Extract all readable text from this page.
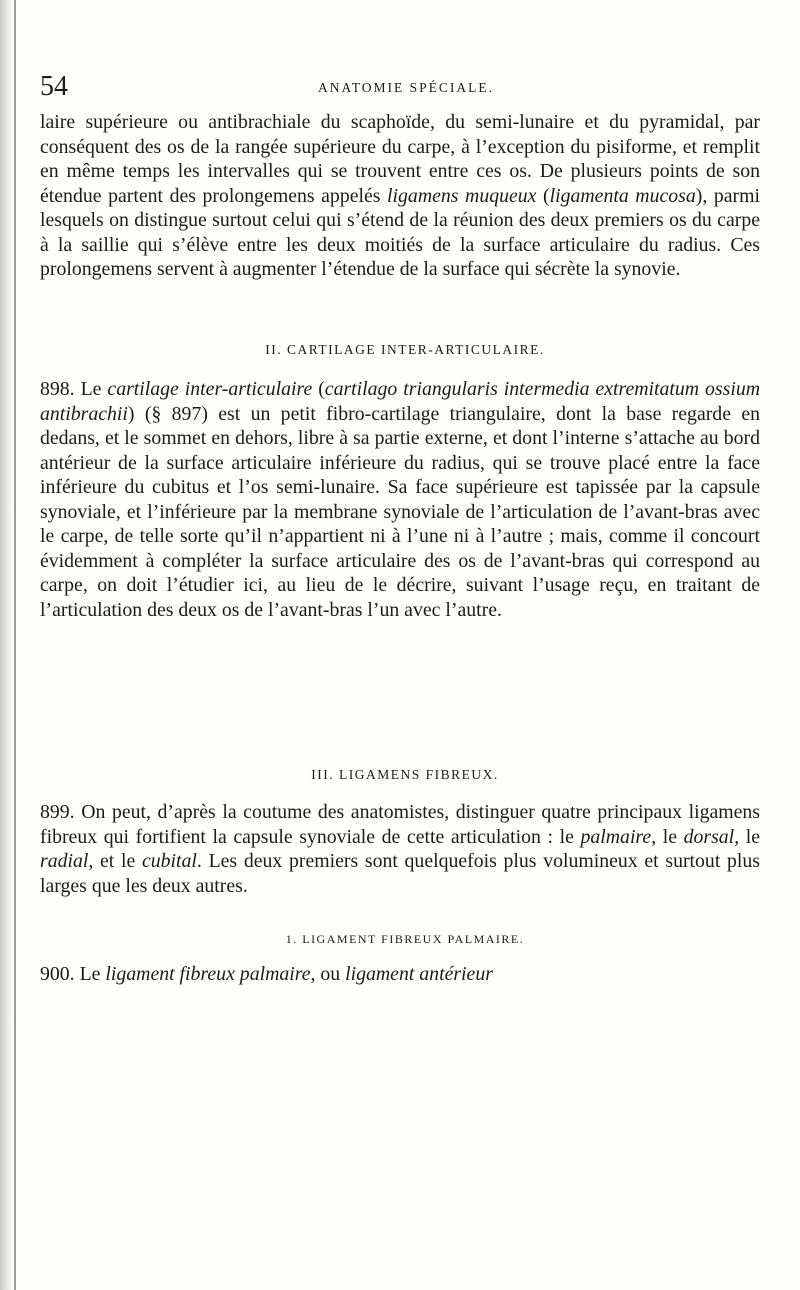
54	ANATOMIE SPÉCIALE.

laire supérieure ou antibrachiale du scaphoïde, du semi-lunaire et du pyramidal, par conséquent des os de la rangée supérieure du carpe, à l’exception du pisiforme, et remplit en même temps les intervalles qui se trouvent entre ces os. De plusieurs points de son étendue partent des prolongemens appelés ligamens muqueux (ligamenta mucosa), parmi lesquels on distingue surtout celui qui s’étend de la réunion des deux premiers os du carpe à la saillie qui s’élève entre les deux moitiés de la surface articulaire du radius. Ces prolongemens servent à augmenter l’étendue de la surface qui sécrète la synovie.

II. CARTILAGE INTER-ARTICULAIRE.

898. Le cartilage inter-articulaire (cartilago triangularis intermedia extremitatum ossium antibrachii) (§ 897) est un petit fibro-cartilage triangulaire, dont la base regarde en dedans, et le sommet en dehors, libre à sa partie externe, et dont l’interne s’attache au bord antérieur de la surface articulaire inférieure du radius, qui se trouve placé entre la face inférieure du cubitus et l’os semi-lunaire. Sa face supérieure est tapissée par la capsule synoviale, et l’inférieure par la membrane synoviale de l’articulation de l’avant-bras avec le carpe, de telle sorte qu’il n’appartient ni à l’une ni à l’autre ; mais, comme il concourt évidemment à compléter la surface articulaire des os de l’avant-bras qui correspond au carpe, on doit l’étudier ici, au lieu de le décrire, suivant l’usage reçu, en traitant de l’articulation des deux os de l’avant-bras l’un avec l’autre.

III. LIGAMENS FIBREUX.

899. On peut, d’après la coutume des anatomistes, distinguer quatre principaux ligamens fibreux qui fortifient la capsule synoviale de cette articulation : le palmaire, le dorsal, le radial, et le cubital. Les deux premiers sont quelquefois plus volumineux et surtout plus larges que les deux autres.

1. LIGAMENT FIBREUX PALMAIRE.

900. Le ligament fibreux palmaire, ou ligament antérieur
